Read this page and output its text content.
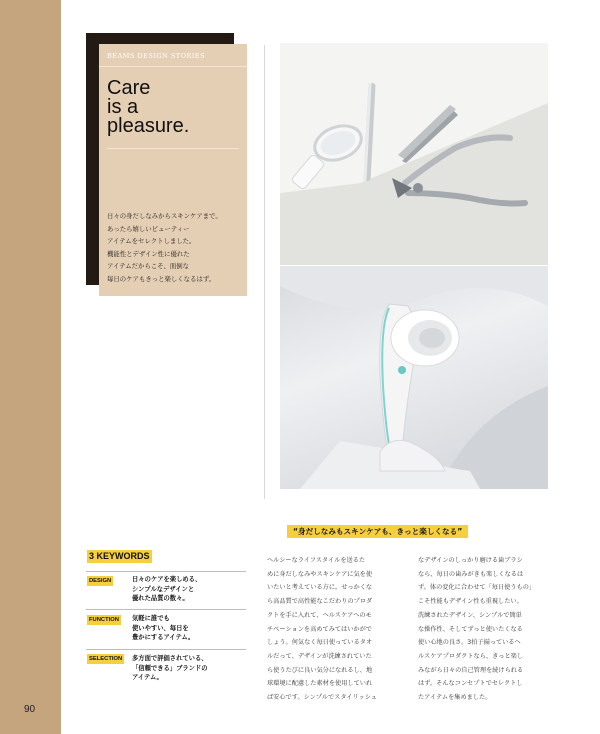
90
BEAMS DESIGN STORIES
Care
is a
pleasure.
日々の身だしなみからスキンケアまで。
あったら嬉しいビューティー
アイテムをセレクトしました。
機能性とデザイン性に優れた
アイテムだからこそ、面倒な
毎日のケアもきっと楽しくなるはず。
“身だしなみもスキンケアも、きっと楽しくなる”
3 KEYWORDS
DESIGN	日々のケアを楽しめる、
シンプルなデザインと
優れた品質の数々。
FUNCTION	気軽に誰でも
使いやすい、毎日を
豊かにするアイテム。
SELECTION	多方面で評価されている、
「信頼できる」ブランドの
アイテム。
ヘルシーなライフスタイルを送るた
めに身だしなみやスキンケアに気を使
いたいと考えている方に。せっかくな
ら高品質で高性能なこだわりのプロダ
クトを手に入れて、ヘルスケアへのモ
チベーションを高めてみてはいかがで
しょう。何気なく毎日使っているタオ
ルだって、デザインが洗練されていた
ら使うたびに良い気分になれるし、地
球環境に配慮した素材を使用していれ
ば安心です。シンプルでスタイリッシュ
なデザインのしっかり磨ける歯ブラシ
なら、毎日の歯みがきも楽しくなるは
ず。体の変化に合わせて「毎日使うもの」
こそ性能もデザイン性も重視したい。
洗練されたデザイン、シンプルで簡単
な操作性、そしてずっと使いたくなる
使い心地の良さ。3拍子揃っているヘ
ルスケアプロダクトなら、きっと楽し
みながら日々の自己管理を続けられる
はず。そんなコンセプトでセレクトし
たアイテムを集めました。
